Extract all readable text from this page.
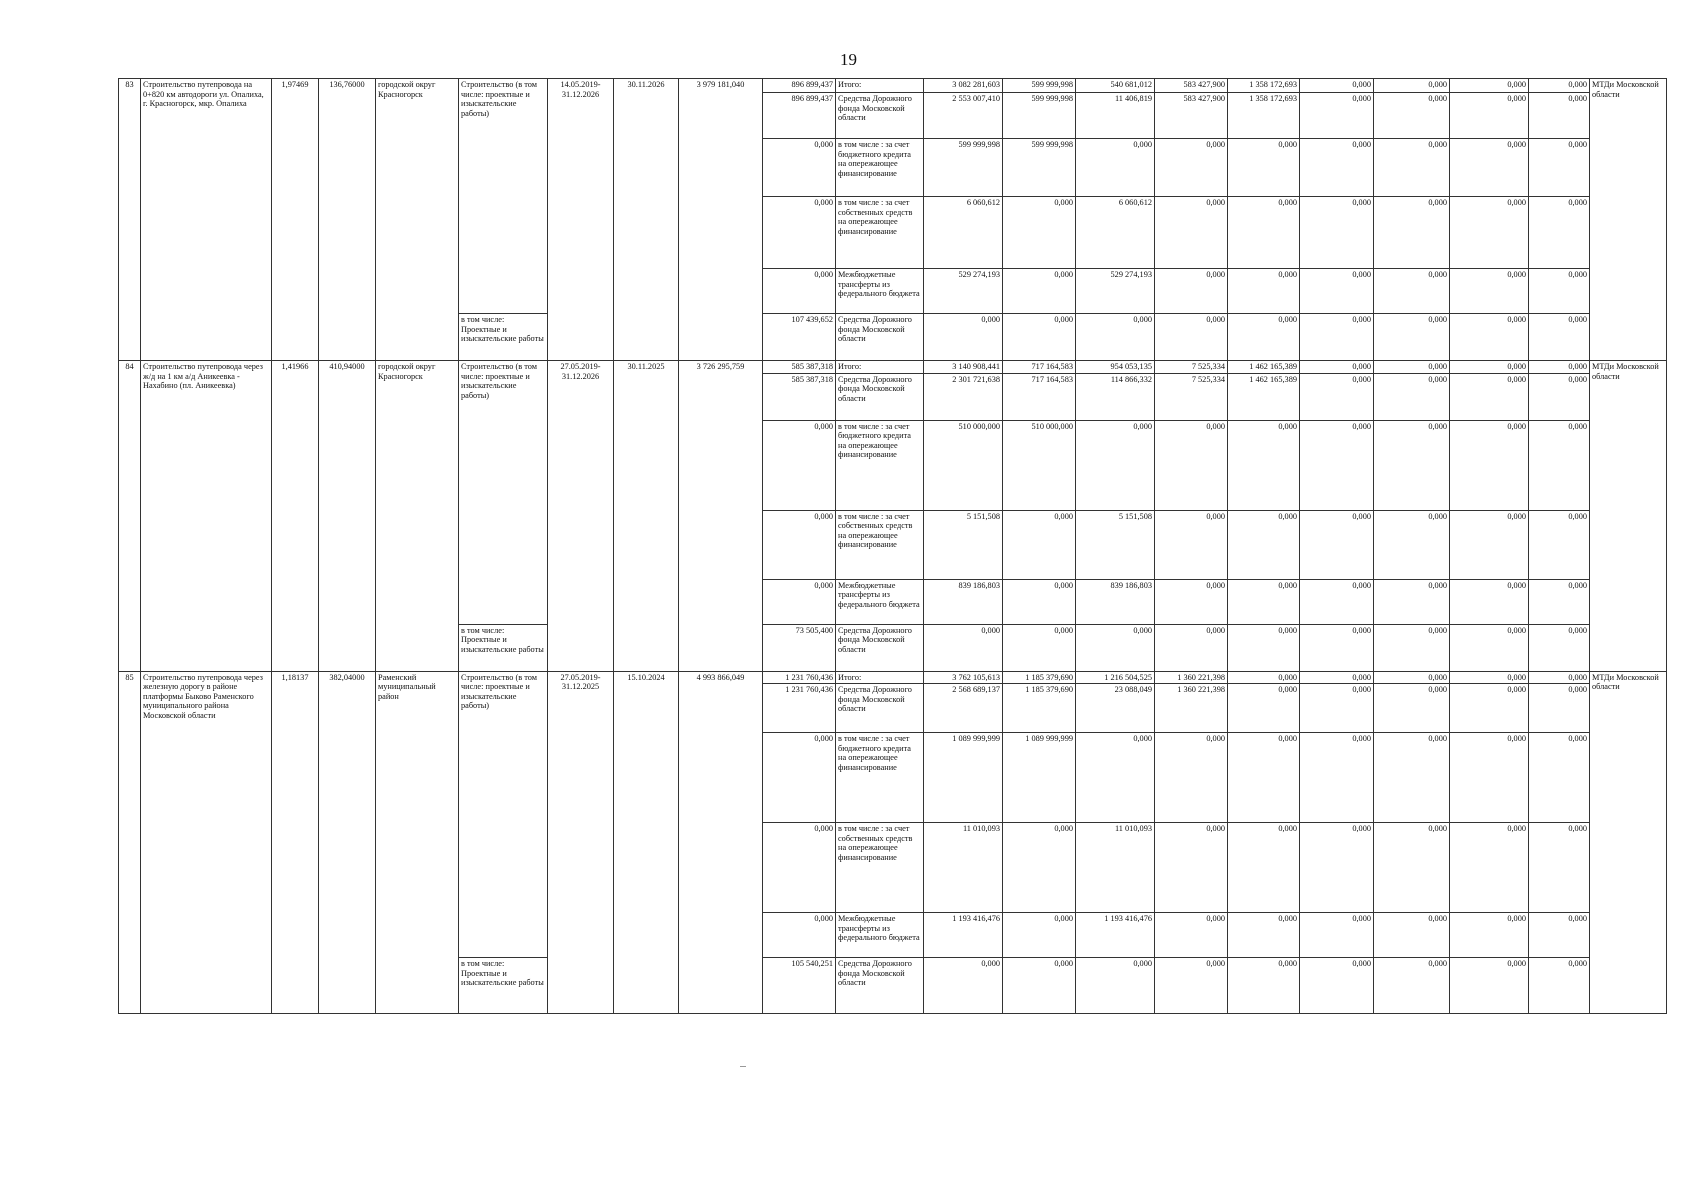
19
83	Строительство путепровода на 0+820 км автодороги ул. Опалиха, г. Красногорск, мкр. Опалиха	1,97469	136,76000	городской округ Красногорск	Строительство (в том числе: проектные и изыскательские работы)	14.05.2019-31.12.2026	30.11.2026	3 979 181,040	896 899,437	Итого:	3 082 281,603	599 999,998	540 681,012	583 427,900	1 358 172,693	0,000	0,000	0,000	0,000	МТДи Московской области
									896 899,437	Средства Дорожного фонда Московской области	2 553 007,410	599 999,998	11 406,819	583 427,900	1 358 172,693	0,000	0,000	0,000	0,000	
									0,000	в том числе : за счет бюджетного кредита на опережающее финансирование	599 999,998	599 999,998	0,000	0,000	0,000	0,000	0,000	0,000	0,000	
									0,000	в том числе : за счет собственных средств на опережающее финансирование	6 060,612	0,000	6 060,612	0,000	0,000	0,000	0,000	0,000	0,000	
									0,000	Межбюджетные трансферты из федерального бюджета	529 274,193	0,000	529 274,193	0,000	0,000	0,000	0,000	0,000	0,000	
					в том числе: Проектные и изыскательские работы				107 439,652	Средства Дорожного фонда Московской области	0,000	0,000	0,000	0,000	0,000	0,000	0,000	0,000	0,000	
84	Строительство путепровода через ж/д на 1 км а/д Аникеевка - Нахабино (пл. Аникеевка)	1,41966	410,94000	городской округ Красногорск	Строительство (в том числе: проектные и изыскательские работы)	27.05.2019-31.12.2026	30.11.2025	3 726 295,759	585 387,318	Итого:	3 140 908,441	717 164,583	954 053,135	7 525,334	1 462 165,389	0,000	0,000	0,000	0,000	МТДи Московской области
									585 387,318	Средства Дорожного фонда Московской области	2 301 721,638	717 164,583	114 866,332	7 525,334	1 462 165,389	0,000	0,000	0,000	0,000	
									0,000	в том числе : за счет бюджетного кредита на опережающее финансирование	510 000,000	510 000,000	0,000	0,000	0,000	0,000	0,000	0,000	0,000	
									0,000	в том числе : за счет собственных средств на опережающее финансирование	5 151,508	0,000	5 151,508	0,000	0,000	0,000	0,000	0,000	0,000	
									0,000	Межбюджетные трансферты из федерального бюджета	839 186,803	0,000	839 186,803	0,000	0,000	0,000	0,000	0,000	0,000	
					в том числе: Проектные и изыскательские работы				73 505,400	Средства Дорожного фонда Московской области	0,000	0,000	0,000	0,000	0,000	0,000	0,000	0,000	0,000	
85	Строительство путепровода через железную дорогу в районе платформы Быково Раменского муниципального района Московской области	1,18137	382,04000	Раменский муниципальный район	Строительство (в том числе: проектные и изыскательские работы)	27.05.2019-31.12.2025	15.10.2024	4 993 866,049	1 231 760,436	Итого:	3 762 105,613	1 185 379,690	1 216 504,525	1 360 221,398	0,000	0,000	0,000	0,000	0,000	МТДи Московской области
									1 231 760,436	Средства Дорожного фонда Московской области	2 568 689,137	1 185 379,690	23 088,049	1 360 221,398	0,000	0,000	0,000	0,000	0,000	
									0,000	в том числе : за счет бюджетного кредита на опережающее финансирование	1 089 999,999	1 089 999,999	0,000	0,000	0,000	0,000	0,000	0,000	0,000	
									0,000	в том числе : за счет собственных средств на опережающее финансирование	11 010,093	0,000	11 010,093	0,000	0,000	0,000	0,000	0,000	0,000	
									0,000	Межбюджетные трансферты из федерального бюджета	1 193 416,476	0,000	1 193 416,476	0,000	0,000	0,000	0,000	0,000	0,000	
					в том числе: Проектные и изыскательские работы				105 540,251	Средства Дорожного фонда Московской области	0,000	0,000	0,000	0,000	0,000	0,000	0,000	0,000	0,000	
